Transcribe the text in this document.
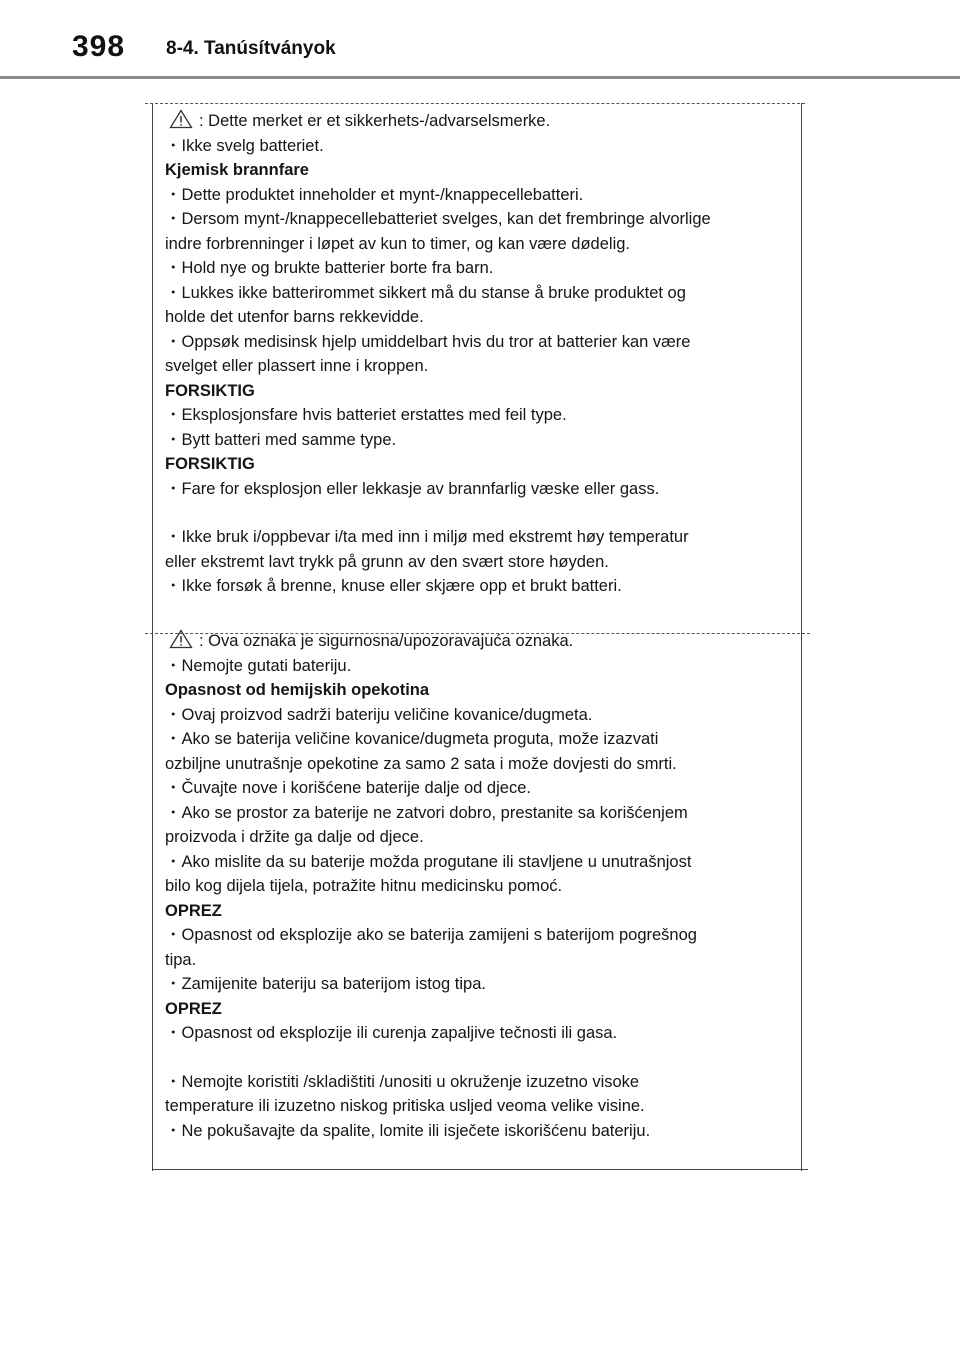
398 8-4. Tanúsítványok
: Dette merket er et sikkerhets-/advarselsmerke.
・Ikke svelg batteriet.
Kjemisk brannfare
・Dette produktet inneholder et mynt-/knappecellebatteri.
・Dersom mynt-/knappecellebatteriet svelges, kan det frembringe alvorlige
indre forbrenninger i løpet av kun to timer, og kan være dødelig.
・Hold nye og brukte batterier borte fra barn.
・Lukkes ikke batterirommet sikkert må du stanse å bruke produktet og
holde det utenfor barns rekkevidde.
・Oppsøk medisinsk hjelp umiddelbart hvis du tror at batterier kan være
svelget eller plassert inne i kroppen.
FORSIKTIG
・Eksplosjonsfare hvis batteriet erstattes med feil type.
・Bytt batteri med samme type.
FORSIKTIG
・Fare for eksplosjon eller lekkasje av brannfarlig væske eller gass.
・Ikke bruk i/oppbevar i/ta med inn i miljø med ekstremt høy temperatur
eller ekstremt lavt trykk på grunn av den svært store høyden.
・Ikke forsøk å brenne, knuse eller skjære opp et brukt batteri.
: Ova oznaka je sigurnosna/upozoravajuća oznaka.
・Nemojte gutati bateriju.
Opasnost od hemijskih opekotina
・Ovaj proizvod sadrži bateriju veličine kovanice/dugmeta.
・Ako se baterija veličine kovanice/dugmeta proguta, može izazvati
ozbiljne unutrašnje opekotine za samo 2 sata i može dovjesti do smrti.
・Čuvajte nove i korišćene baterije dalje od djece.
・Ako se prostor za baterije ne zatvori dobro, prestanite sa korišćenjem
proizvoda i držite ga dalje od djece.
・Ako mislite da su baterije možda progutane ili stavljene u unutrašnjost
bilo kog dijela tijela, potražite hitnu medicinsku pomoć.
OPREZ
・Opasnost od eksplozije ako se baterija zamijeni s baterijom pogrešnog
tipa.
・Zamijenite bateriju sa baterijom istog tipa.
OPREZ
・Opasnost od eksplozije ili curenja zapaljive tečnosti ili gasa.
・Nemojte koristiti /skladištiti /unositi u okruženje izuzetno visoke
temperature ili izuzetno niskog pritiska usljed veoma velike visine.
・Ne pokušavajte da spalite, lomite ili isječete iskorišćenu bateriju.
